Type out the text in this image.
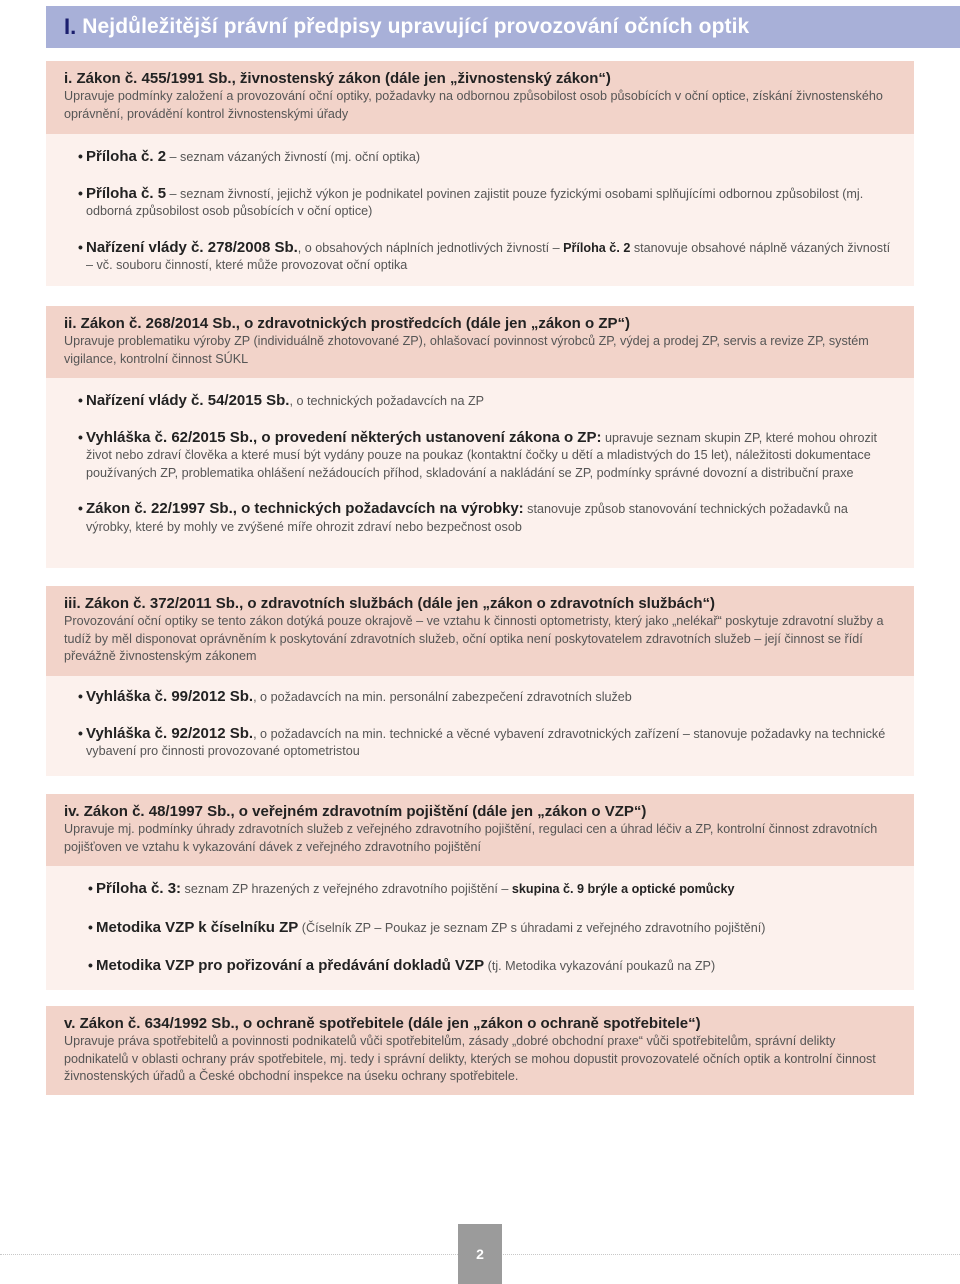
I. Nejdůležitější právní předpisy upravující provozování očních optik
i. Zákon č. 455/1991 Sb., živnostenský zákon (dále jen „živnostenský zákon“)
Upravuje podmínky založení a provozování oční optiky, požadavky na odbornou způsobilost osob působících v oční optice, získání živnostenského oprávnění, provádění kontrol živnostenskými úřady
• Příloha č. 2 – seznam vázaných živností (mj. oční optika)
• Příloha č. 5 – seznam živností, jejichž výkon je podnikatel povinen zajistit pouze fyzickými osobami splňujícími odbornou způsobilost (mj. odborná způsobilost osob působících v oční optice)
• Nařízení vlády č. 278/2008 Sb., o obsahových náplních jednotlivých živností – Příloha č. 2 stanovuje obsahové náplně vázaných živností – vč. souboru činností, které může provozovat oční optika
ii. Zákon č. 268/2014 Sb., o zdravotnických prostředcích (dále jen „zákon o ZP“)
Upravuje problematiku výroby ZP (individuálně zhotovované ZP), ohlašovací povinnost výrobců ZP, výdej a prodej ZP, servis a revize ZP, systém vigilance, kontrolní činnost SÚKL
• Nařízení vlády č. 54/2015 Sb., o technických požadavcích na ZP
• Vyhláška č. 62/2015 Sb., o provedení některých ustanovení zákona o ZP: upravuje seznam skupin ZP, které mohou ohrozit život nebo zdraví člověka a které musí být vydány pouze na poukaz (kontaktní čočky u dětí a mladistvých do 15 let), náležitosti dokumentace používaných ZP, problematika ohlášení nežádoucích příhod, skladování a nakládání se ZP, podmínky správné dovozní a distribuční praxe
• Zákon č. 22/1997 Sb., o technických požadavcích na výrobky: stanovuje způsob stanovování technických požadavků na výrobky, které by mohly ve zvýšené míře ohrozit zdraví nebo bezpečnost osob
iii. Zákon č. 372/2011 Sb., o zdravotních službách (dále jen „zákon o zdravotních službách“)
Provozování oční optiky se tento zákon dotýká pouze okrajově – ve vztahu k činnosti optometristy, který jako „nelékař“ poskytuje zdravotní služby a tudíž by měl disponovat oprávněním k poskytování zdravotních služeb, oční optika není poskytovatelem zdravotních služeb – její činnost se řídí převážně živnostenským zákonem
• Vyhláška č. 99/2012 Sb., o požadavcích na min. personální zabezpečení zdravotních služeb
• Vyhláška č. 92/2012 Sb., o požadavcích na min. technické a věcné vybavení zdravotnických zařízení – stanovuje požadavky na technické vybavení pro činnosti provozované optometristou
iv. Zákon č. 48/1997 Sb., o veřejném zdravotním pojištění (dále jen „zákon o VZP“)
Upravuje mj. podmínky úhrady zdravotních služeb z veřejného zdravotního pojištění, regulaci cen a úhrad léčiv a ZP, kontrolní činnost zdravotních pojišťoven ve vztahu k vykazování dávek z veřejného zdravotního pojištění
• Příloha č. 3: seznam ZP hrazených z veřejného zdravotního pojištění – skupina č. 9 brýle a optické pomůcky
• Metodika VZP k číselníku ZP (Číselník ZP – Poukaz je seznam ZP s úhradami z veřejného zdravotního pojištění)
• Metodika VZP pro pořizování a předávání dokladů VZP (tj. Metodika vykazování poukazů na ZP)
v. Zákon č. 634/1992 Sb., o ochraně spotřebitele (dále jen „zákon o ochraně spotřebitele“)
Upravuje práva spotřebitelů a povinnosti podnikatelů vůči spotřebitelům, zásady „dobré obchodní praxe“ vůči spotřebitelům, správní delikty podnikatelů v oblasti ochrany práv spotřebitele, mj. tedy i správní delikty, kterých se mohou dopustit provozovatelé očních optik a kontrolní činnost živnostenských úřadů a České obchodní inspekce na úseku ochrany spotřebitele.
2
